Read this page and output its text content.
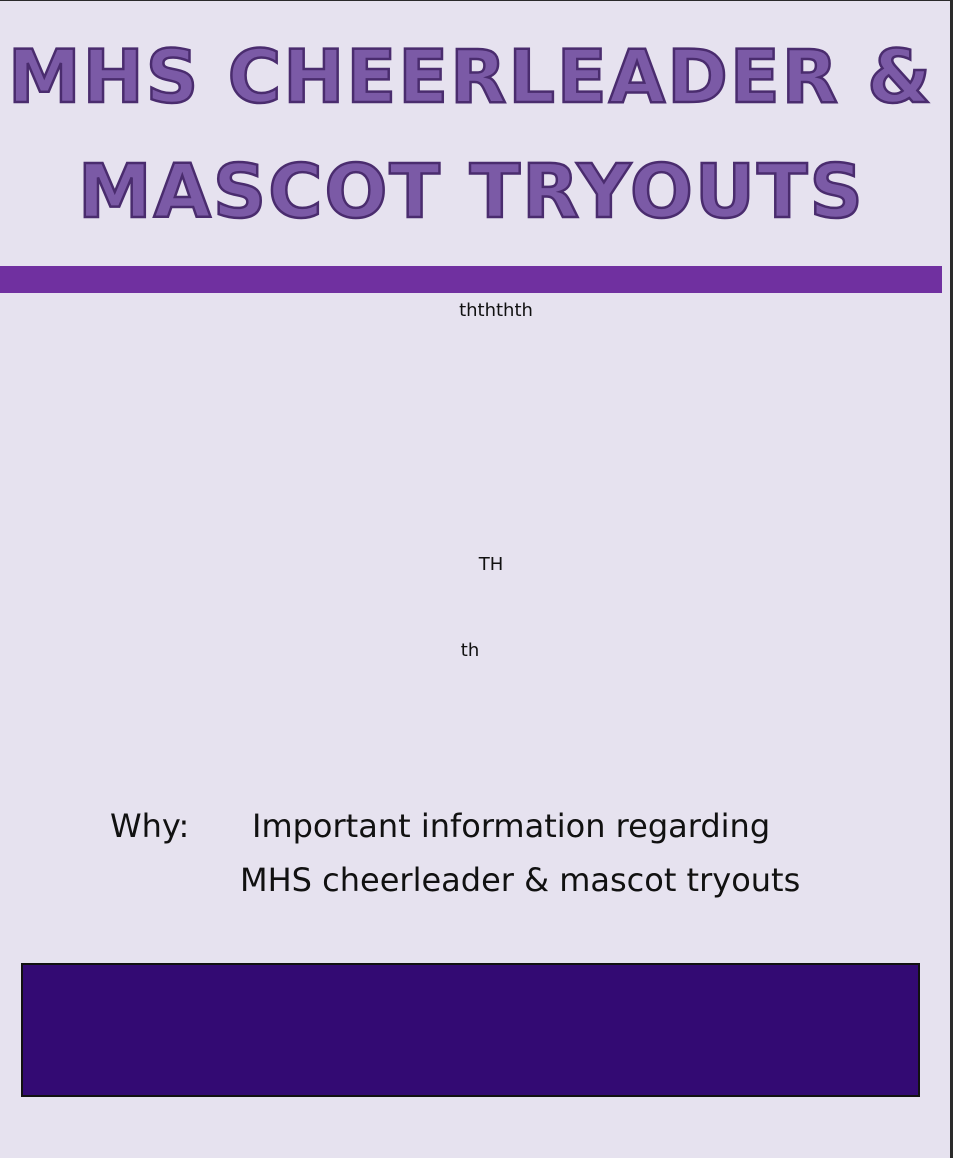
MHS CHEERLEADER &
MASCOT TRYOUTS
$^{thththth}$
$^{TH}$
$^{th}$
Why: Important information regarding
MHS cheerleader & mascot tryouts
